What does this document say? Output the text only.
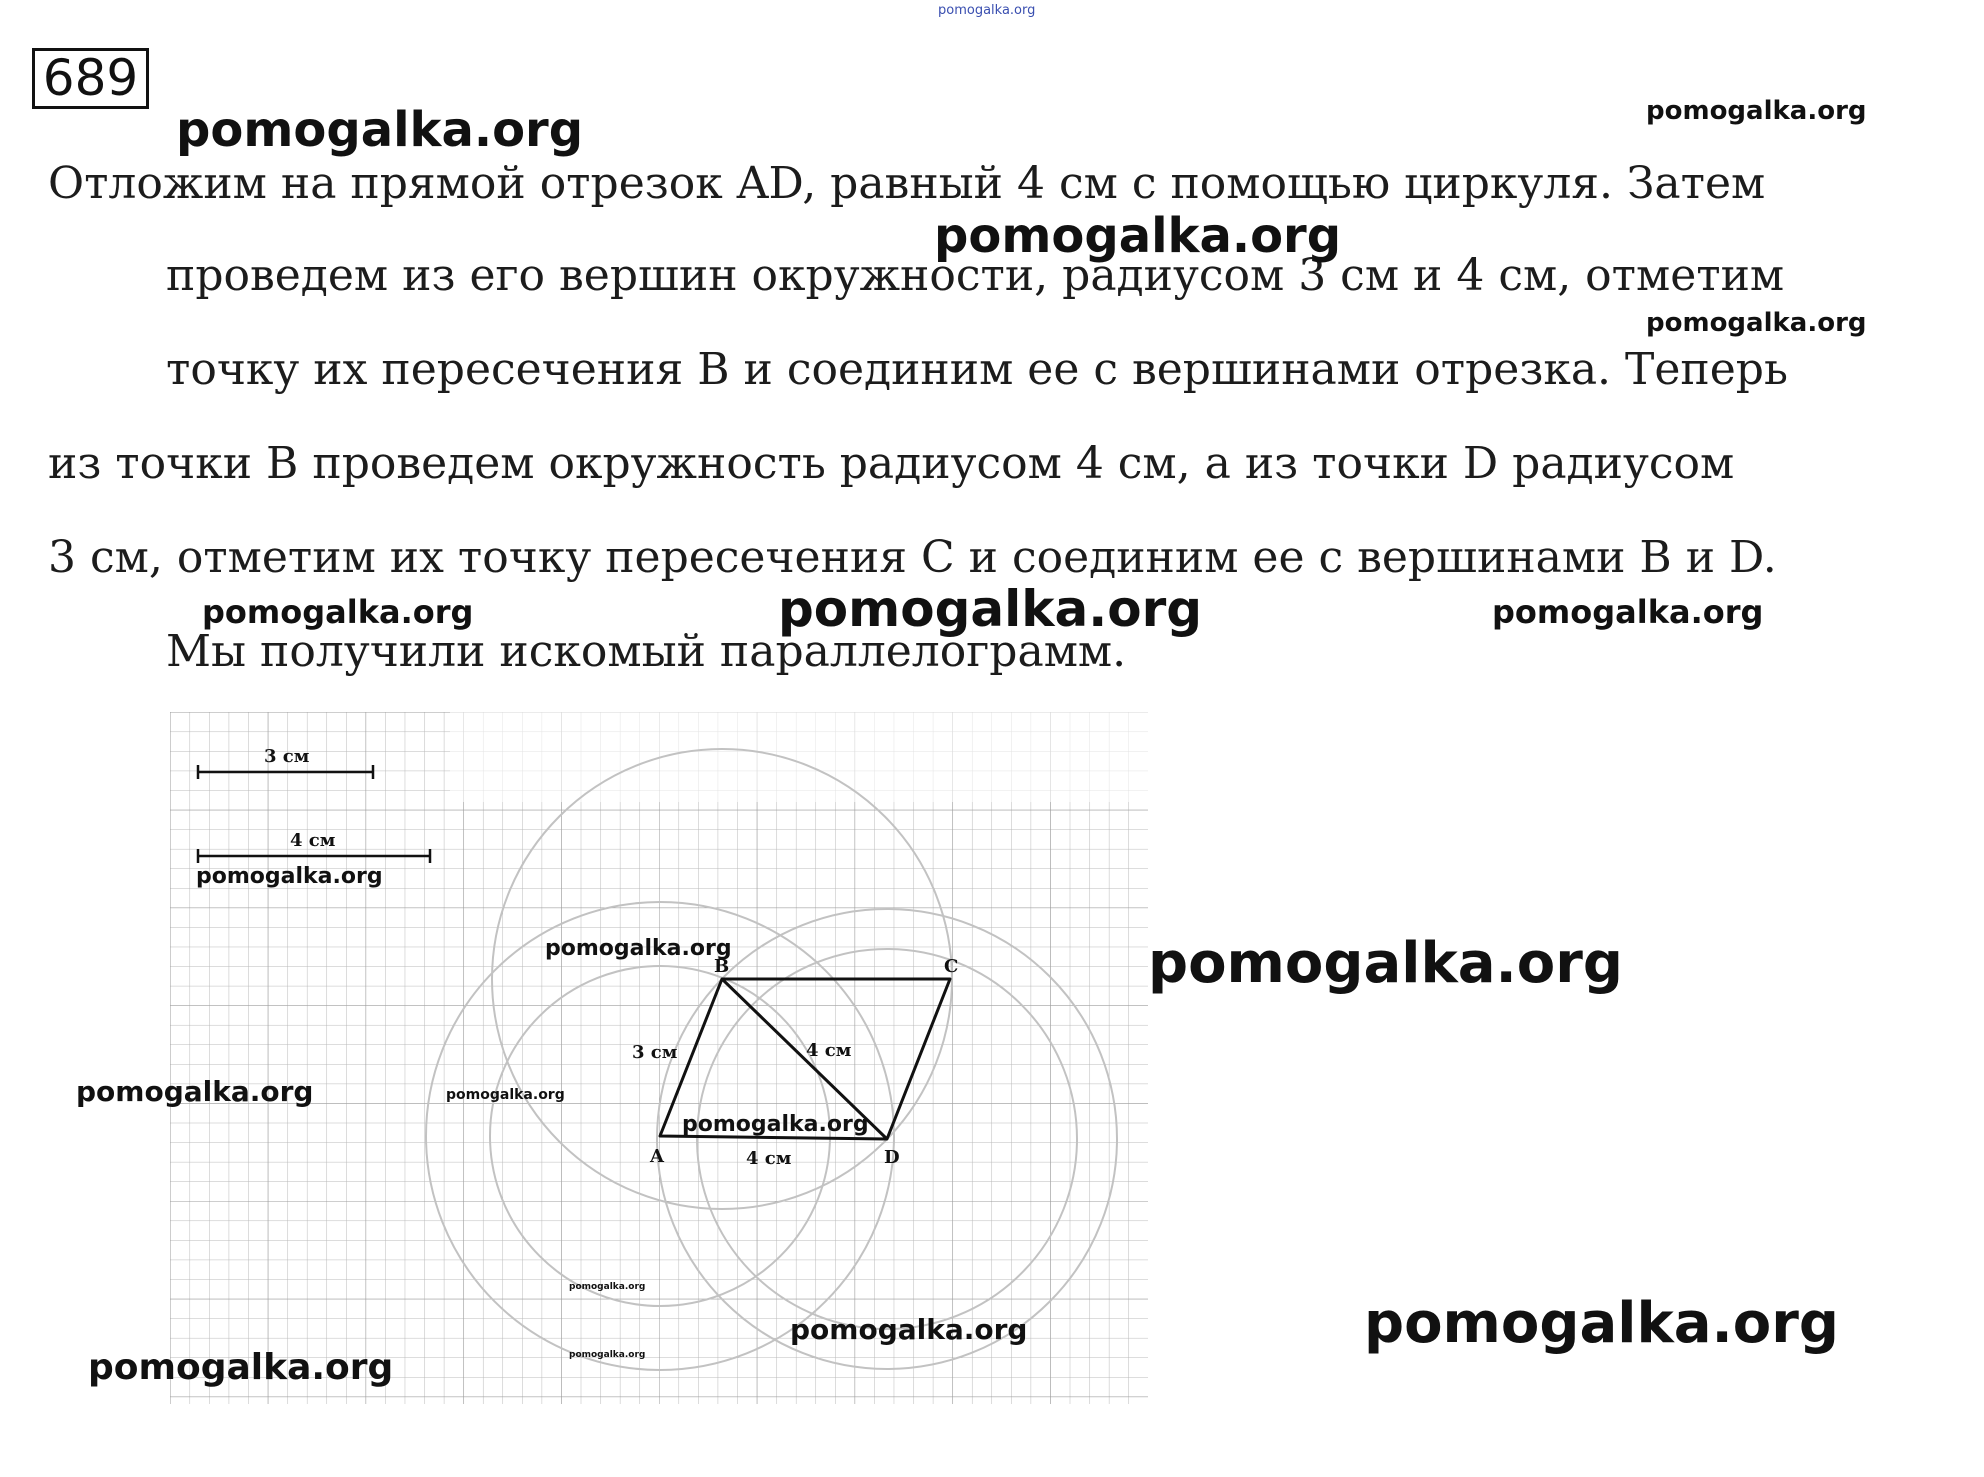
pomogalka.org
689
pomogalka.org	pomogalka.org
Отложим на прямой отрезок AD, равный 4 см с помощью циркуля. Затем
проведем из его вершин окружности, радиусом 3 см и 4 см, отметим
точку их пересечения B и соединим ее с вершинами отрезка. Теперь
из точки B проведем окружность радиусом 4 см, а из точки D радиусом
3 см, отметим их точку пересечения C и соединим ее с вершинами B и D.
Мы получили искомый параллелограмм.
pomogalka.org
pomogalka.org
pomogalka.org	pomogalka.org	pomogalka.org
3 см
4 см
A
B	C
D
3 см	4 см
4 см
pomogalka.org
pomogalka.org	pomogalka.org
pomogalka.org	pomogalka.org
pomogalka.org
pomogalka.org
pomogalka.org	pomogalka.org
pomogalka.org
pomogalka.org
